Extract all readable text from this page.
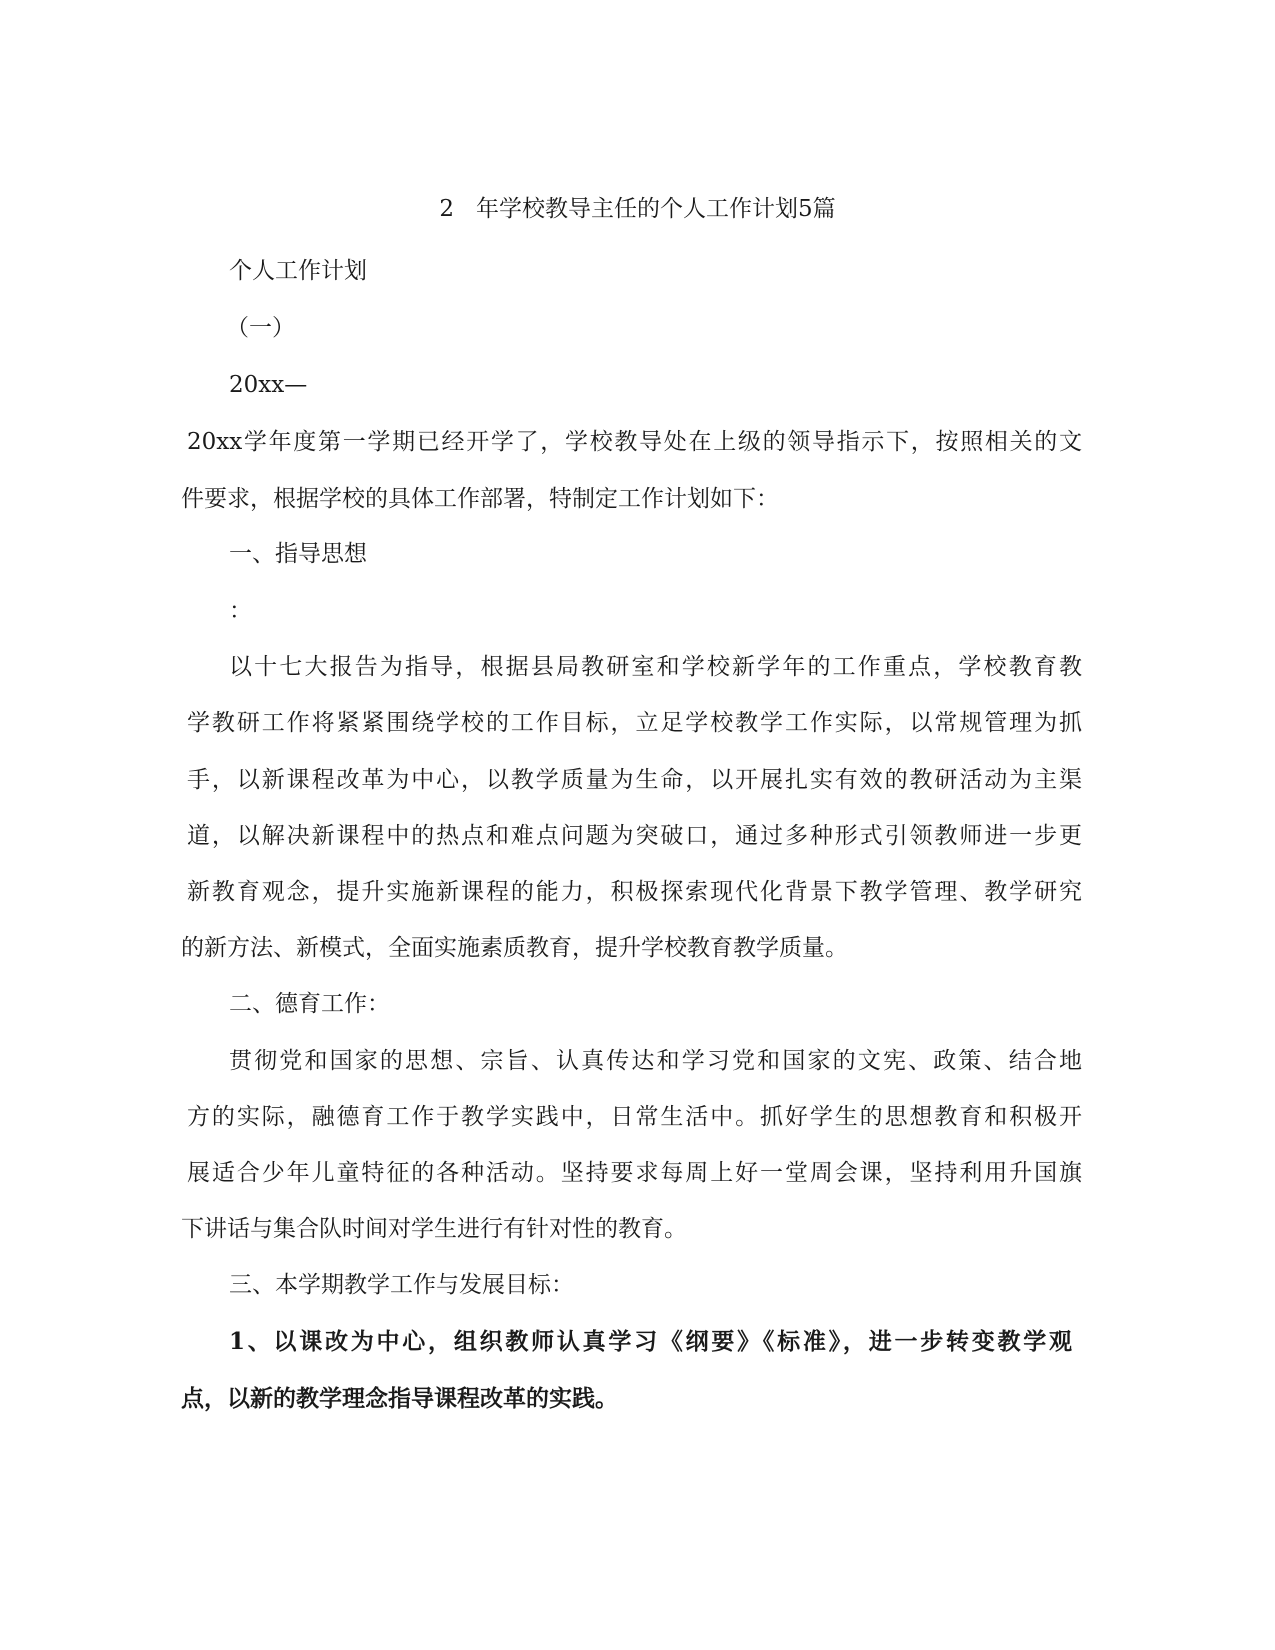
2 年学校教导主任的个人工作计划5篇
个人工作计划
（一）
20xx—
20xx学年度第一学期已经开学了，学校教导处在上级的领导指示下，按照相关的文
件要求，根据学校的具体工作部署，特制定工作计划如下：
一、指导思想
：
以十七大报告为指导，根据县局教研室和学校新学年的工作重点，学校教育教
学教研工作将紧紧围绕学校的工作目标，立足学校教学工作实际，以常规管理为抓
手，以新课程改革为中心，以教学质量为生命，以开展扎实有效的教研活动为主渠
道，以解决新课程中的热点和难点问题为突破口，通过多种形式引领教师进一步更
新教育观念，提升实施新课程的能力，积极探索现代化背景下教学管理、教学研究
的新方法、新模式，全面实施素质教育，提升学校教育教学质量。
二、德育工作：
贯彻党和国家的思想、宗旨、认真传达和学习党和国家的文宪、政策、结合地
方的实际，融德育工作于教学实践中，日常生活中。抓好学生的思想教育和积极开
展适合少年儿童特征的各种活动。坚持要求每周上好一堂周会课，坚持利用升国旗
下讲话与集合队时间对学生进行有针对性的教育。
三、本学期教学工作与发展目标：
1、以课改为中心，组织教师认真学习《纲要》《标准》，进一步转变教学观
点，以新的教学理念指导课程改革的实践。
